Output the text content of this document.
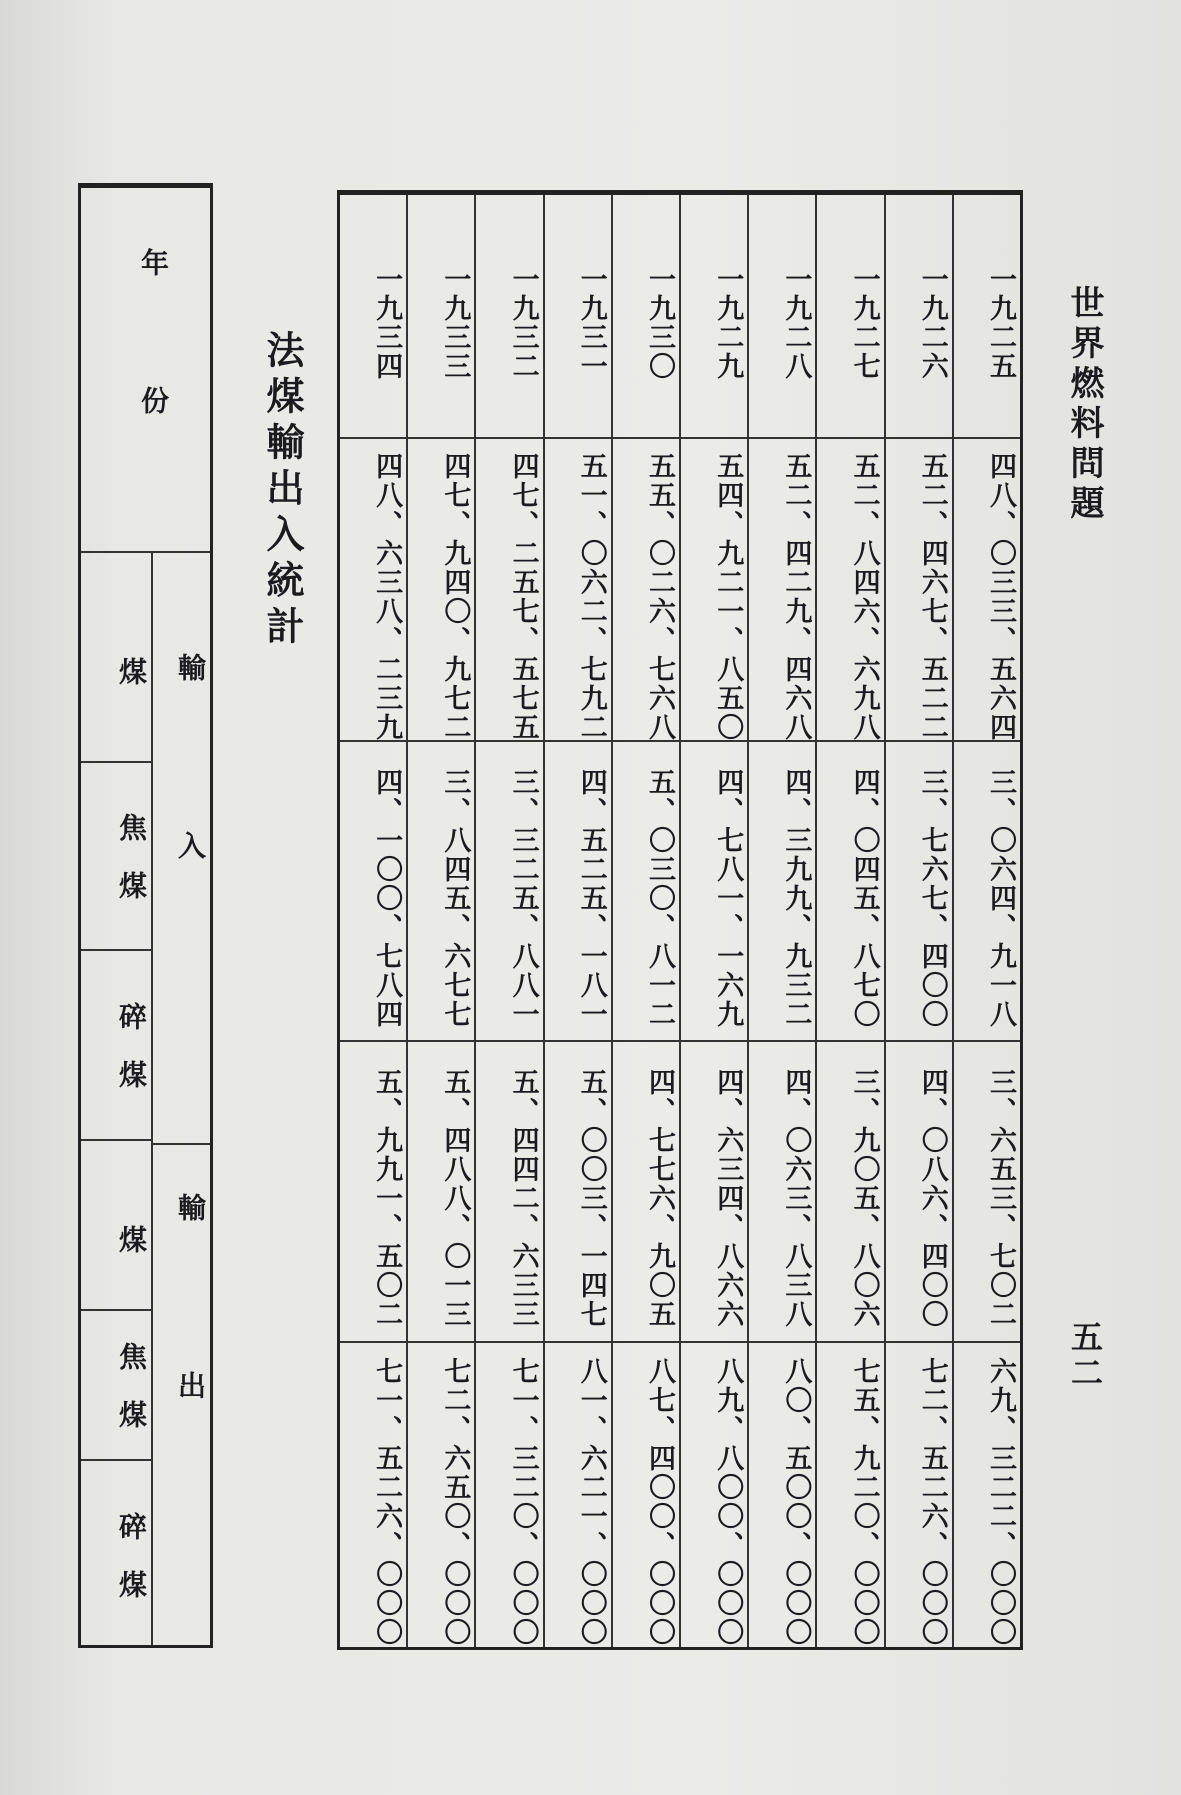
世界燃料問題
五二
一九二五
四八、〇三三、五六四
三、〇六四、九一八
三、六五三、七〇二
六九、三二二、〇〇〇
一九二六
五二、四六七、五二二
三、七六七、四〇〇
四、〇八六、四〇〇
七二、五二六、〇〇〇
一九二七
五二、八四六、六九八
四、〇四五、八七〇
三、九〇五、八〇六
七五、九二〇、〇〇〇
一九二八
五二、四二九、四六八
四、三九九、九三二
四、〇六三、八三八
八〇、五〇〇、〇〇〇
一九二九
五四、九二一、八五〇
四、七八一、一六九
四、六三四、八六六
八九、八〇〇、〇〇〇
一九三〇
五五、〇二六、七六八
五、〇三〇、八一二
四、七七六、九〇五
八七、四〇〇、〇〇〇
一九三一
五一、〇六二、七九二
四、五二五、一八一
五、〇〇三、一四七
八一、六二一、〇〇〇
一九三二
四七、二五七、五七五
三、三二五、八八一
五、四四二、六三三
七一、三二〇、〇〇〇
一九三三
四七、九四〇、九七二
三、八四五、六七七
五、四八八、〇一三
七二、六五〇、〇〇〇
一九三四
四八、六三八、二三九
四、一〇〇、七八四
五、九九一、五〇二
七一、五二六、〇〇〇
法煤輸出入統計
年份
煤
焦煤
碎煤
煤
焦煤
碎煤
輸入
輸出
